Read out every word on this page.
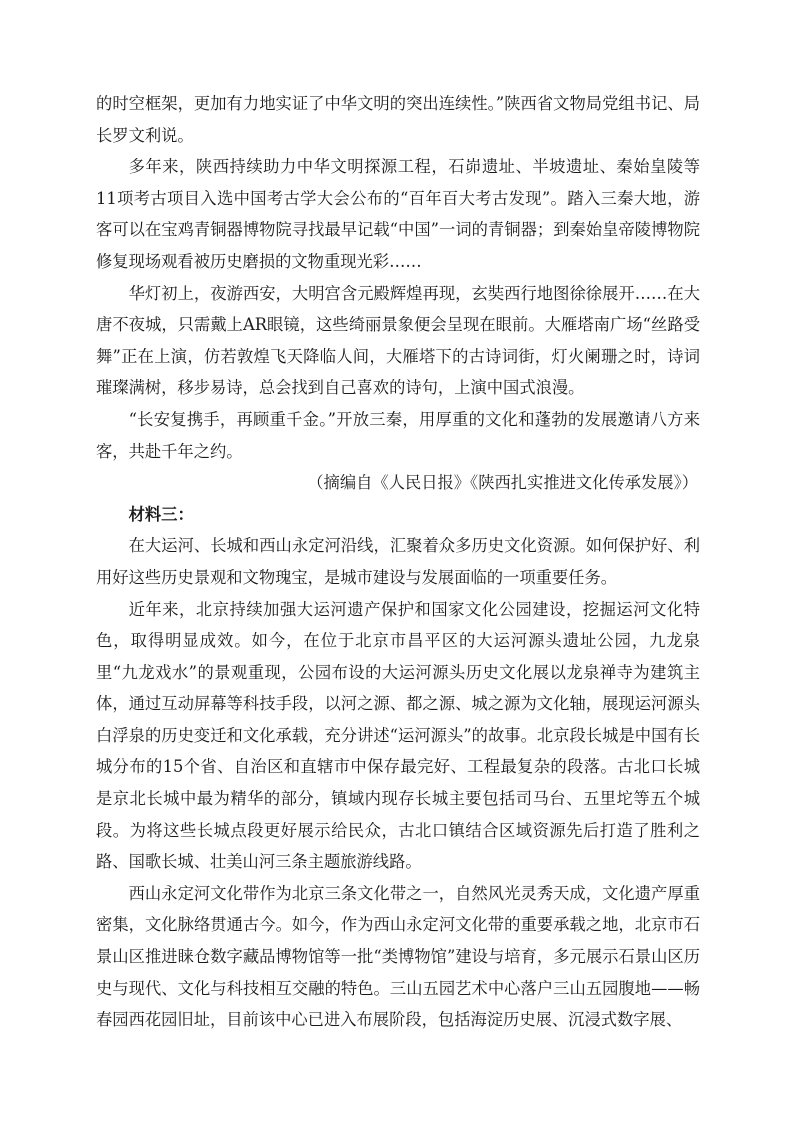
的时空框架，更加有力地实证了中华文明的突出连续性。”陕西省文物局党组书记、局长罗文利说。

多年来，陕西持续助力中华文明探源工程，石峁遗址、半坡遗址、秦始皇陵等11项考古项目入选中国考古学大会公布的“百年百大考古发现”。踏入三秦大地，游客可以在宝鸡青铜器博物院寻找最早记载“中国”一词的青铜器；到秦始皇帝陵博物院修复现场观看被历史磨损的文物重现光彩……

华灯初上，夜游西安，大明宫含元殿辉煌再现，玄奘西行地图徐徐展开……在大唐不夜城，只需戴上AR眼镜，这些绮丽景象便会呈现在眼前。大雁塔南广场“丝路受舞”正在上演，仿若敦煌飞天降临人间，大雁塔下的古诗词街，灯火阑珊之时，诗词璀璨满树，移步易诗，总会找到自己喜欢的诗句，上演中国式浪漫。

“长安复携手，再顾重千金。”开放三秦，用厚重的文化和蓬勃的发展邀请八方来客，共赴千年之约。

（摘编自《人民日报》《陕西扎实推进文化传承发展》）

材料三：

在大运河、长城和西山永定河沿线，汇聚着众多历史文化资源。如何保护好、利用好这些历史景观和文物瑰宝，是城市建设与发展面临的一项重要任务。

近年来，北京持续加强大运河遗产保护和国家文化公园建设，挖掘运河文化特色，取得明显成效。如今，在位于北京市昌平区的大运河源头遗址公园，九龙泉里“九龙戏水”的景观重现，公园布设的大运河源头历史文化展以龙泉禅寺为建筑主体，通过互动屏幕等科技手段，以河之源、都之源、城之源为文化轴，展现运河源头白浮泉的历史变迁和文化承载，充分讲述“运河源头”的故事。北京段长城是中国有长城分布的15个省、自治区和直辖市中保存最完好、工程最复杂的段落。古北口长城是京北长城中最为精华的部分，镇域内现存长城主要包括司马台、五里坨等五个城段。为将这些长城点段更好展示给民众，古北口镇结合区域资源先后打造了胜利之路、国歌长城、壮美山河三条主题旅游线路。

西山永定河文化带作为北京三条文化带之一，自然风光灵秀天成，文化遗产厚重密集，文化脉络贯通古今。如今，作为西山永定河文化带的重要承载之地，北京市石景山区推进睐仓数字藏品博物馆等一批“类博物馆”建设与培育，多元展示石景山区历史与现代、文化与科技相互交融的特色。三山五园艺术中心落户三山五园腹地——畅春园西花园旧址，目前该中心已进入布展阶段，包括海淀历史展、沉浸式数字展、
